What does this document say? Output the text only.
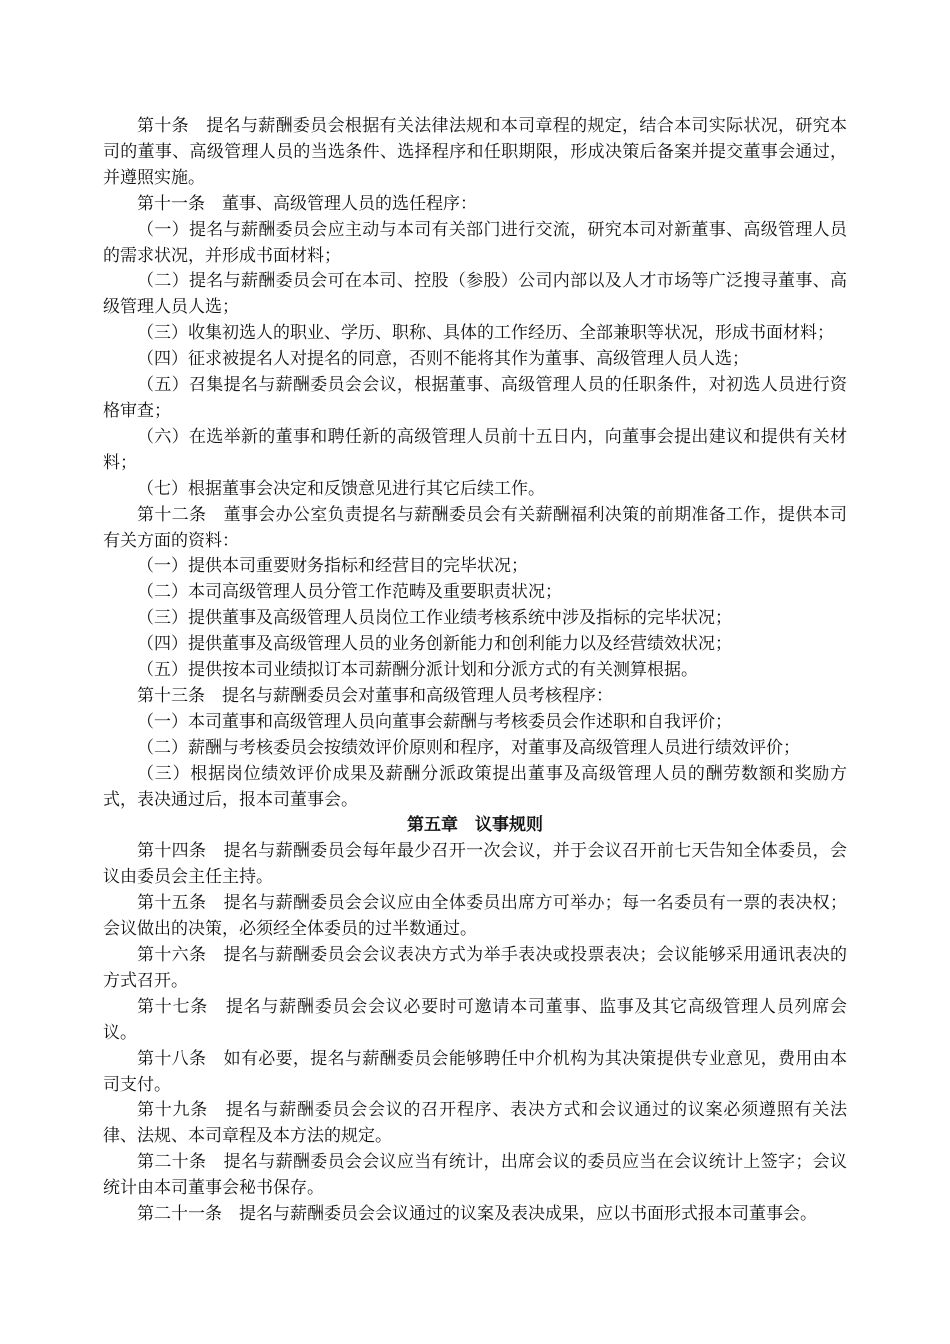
第十条　提名与薪酬委员会根据有关法律法规和本司章程的规定，结合本司实际状况，研究本司的董事、高级管理人员的当选条件、选择程序和任职期限，形成决策后备案并提交董事会通过，并遵照实施。

第十一条　董事、高级管理人员的选任程序：

（一）提名与薪酬委员会应主动与本司有关部门进行交流，研究本司对新董事、高级管理人员的需求状况，并形成书面材料；

（二）提名与薪酬委员会可在本司、控股（参股）公司内部以及人才市场等广泛搜寻董事、高级管理人员人选；

（三）收集初选人的职业、学历、职称、具体的工作经历、全部兼职等状况，形成书面材料；

（四）征求被提名人对提名的同意，否则不能将其作为董事、高级管理人员人选；

（五）召集提名与薪酬委员会会议，根据董事、高级管理人员的任职条件，对初选人员进行资格审查；

（六）在选举新的董事和聘任新的高级管理人员前十五日内，向董事会提出建议和提供有关材料；

（七）根据董事会决定和反馈意见进行其它后续工作。

第十二条　董事会办公室负责提名与薪酬委员会有关薪酬福利决策的前期准备工作，提供本司有关方面的资料：

（一）提供本司重要财务指标和经营目的完毕状况；

（二）本司高级管理人员分管工作范畴及重要职责状况；

（三）提供董事及高级管理人员岗位工作业绩考核系统中涉及指标的完毕状况；

（四）提供董事及高级管理人员的业务创新能力和创利能力以及经营绩效状况；

（五）提供按本司业绩拟订本司薪酬分派计划和分派方式的有关测算根据。

第十三条　提名与薪酬委员会对董事和高级管理人员考核程序：

（一）本司董事和高级管理人员向董事会薪酬与考核委员会作述职和自我评价；

（二）薪酬与考核委员会按绩效评价原则和程序，对董事及高级管理人员进行绩效评价；

（三）根据岗位绩效评价成果及薪酬分派政策提出董事及高级管理人员的酬劳数额和奖励方式，表决通过后，报本司董事会。

第五章　议事规则

第十四条　提名与薪酬委员会每年最少召开一次会议，并于会议召开前七天告知全体委员，会议由委员会主任主持。

第十五条　提名与薪酬委员会会议应由全体委员出席方可举办；每一名委员有一票的表决权；会议做出的决策，必须经全体委员的过半数通过。

第十六条　提名与薪酬委员会会议表决方式为举手表决或投票表决；会议能够采用通讯表决的方式召开。

第十七条　提名与薪酬委员会会议必要时可邀请本司董事、监事及其它高级管理人员列席会议。

第十八条　如有必要，提名与薪酬委员会能够聘任中介机构为其决策提供专业意见，费用由本司支付。

第十九条　提名与薪酬委员会会议的召开程序、表决方式和会议通过的议案必须遵照有关法律、法规、本司章程及本方法的规定。

第二十条　提名与薪酬委员会会议应当有统计，出席会议的委员应当在会议统计上签字；会议统计由本司董事会秘书保存。

第二十一条　提名与薪酬委员会会议通过的议案及表决成果，应以书面形式报本司董事会。
